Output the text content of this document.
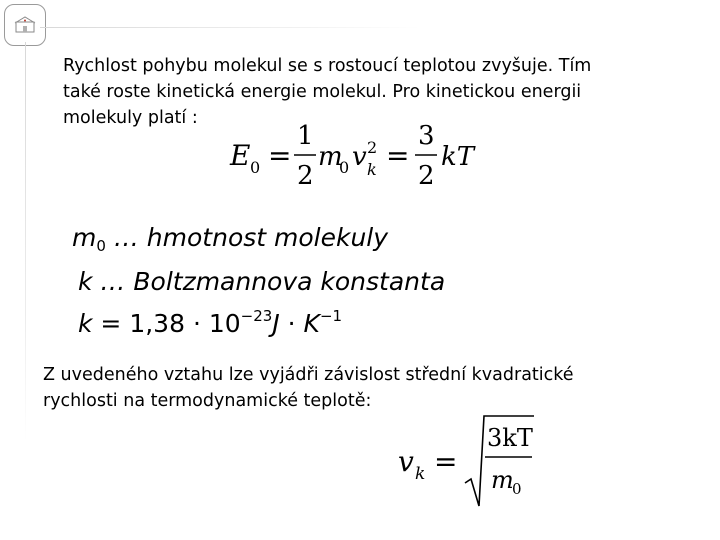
Rychlost pohybu molekul se s rostoucí teplotou zvyšuje. Tím
také roste kinetická energie molekul. Pro kinetickou energii
molekuly platí :
E 0 =
1
2
m
0 v 2
k =
3
2
kT
$m_0$ … hmotnost molekuly
k … Boltzmannova konstanta
$k = 1,38 \cdot 10^{-23}J \cdot K^{-1}$
Z uvedeného vztahu lze vyjádři závislost střední kvadratické
rychlosti na termodynamické teplotě:
v k =
3kT
m
0
